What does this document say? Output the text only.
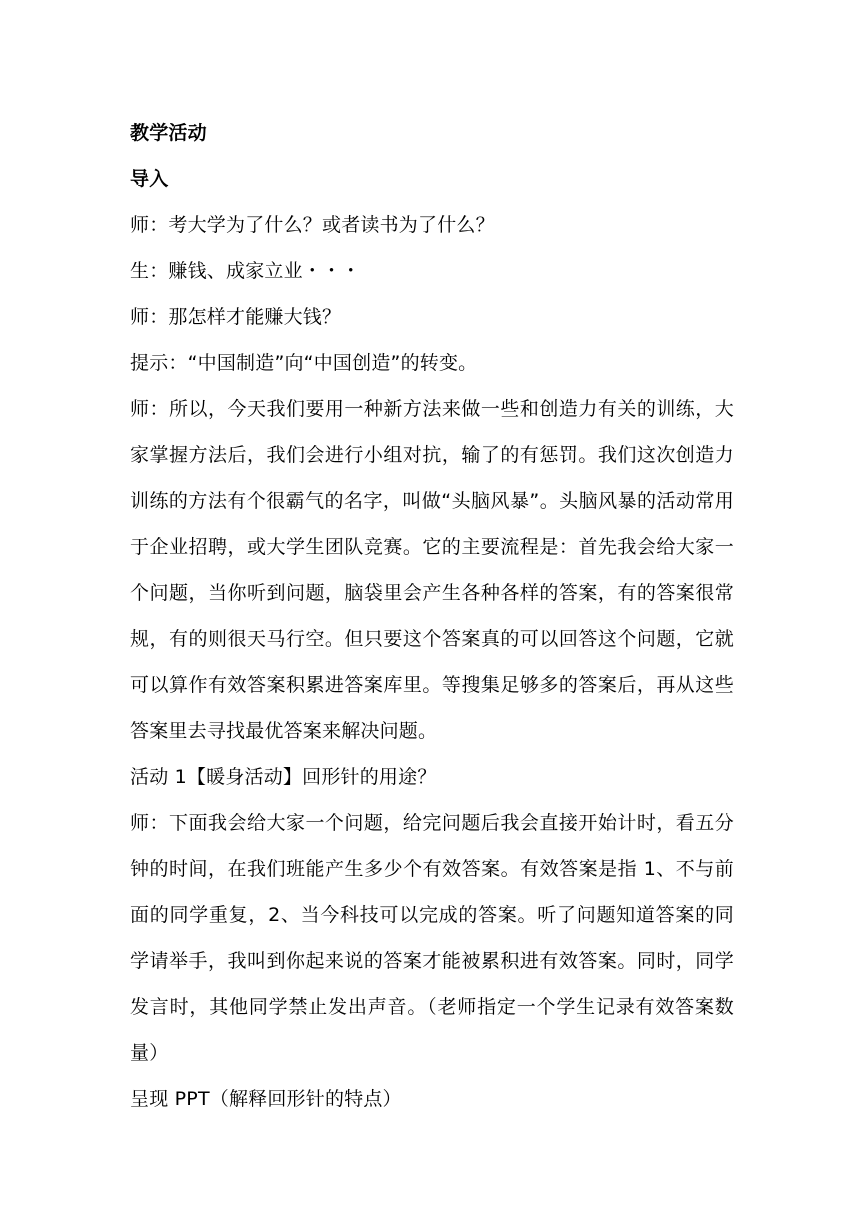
教学活动
导入
师：考大学为了什么？或者读书为了什么？
生：赚钱、成家立业・・・
师：那怎样才能赚大钱？
提示：“中国制造”向“中国创造”的转变。
师：所以，今天我们要用一种新方法来做一些和创造力有关的训练，大家掌握方法后，我们会进行小组对抗，输了的有惩罚。我们这次创造力训练的方法有个很霸气的名字，叫做“头脑风暴”。头脑风暴的活动常用于企业招聘，或大学生团队竞赛。它的主要流程是：首先我会给大家一个问题，当你听到问题，脑袋里会产生各种各样的答案，有的答案很常规，有的则很天马行空。但只要这个答案真的可以回答这个问题，它就可以算作有效答案积累进答案库里。等搜集足够多的答案后，再从这些答案里去寻找最优答案来解决问题。
活动 1【暖身活动】回形针的用途？
师：下面我会给大家一个问题，给完问题后我会直接开始计时，看五分钟的时间，在我们班能产生多少个有效答案。有效答案是指 1、不与前面的同学重复，2、当今科技可以完成的答案。听了问题知道答案的同学请举手，我叫到你起来说的答案才能被累积进有效答案。同时，同学发言时，其他同学禁止发出声音。（老师指定一个学生记录有效答案数量）
呈现 PPT（解释回形针的特点）
